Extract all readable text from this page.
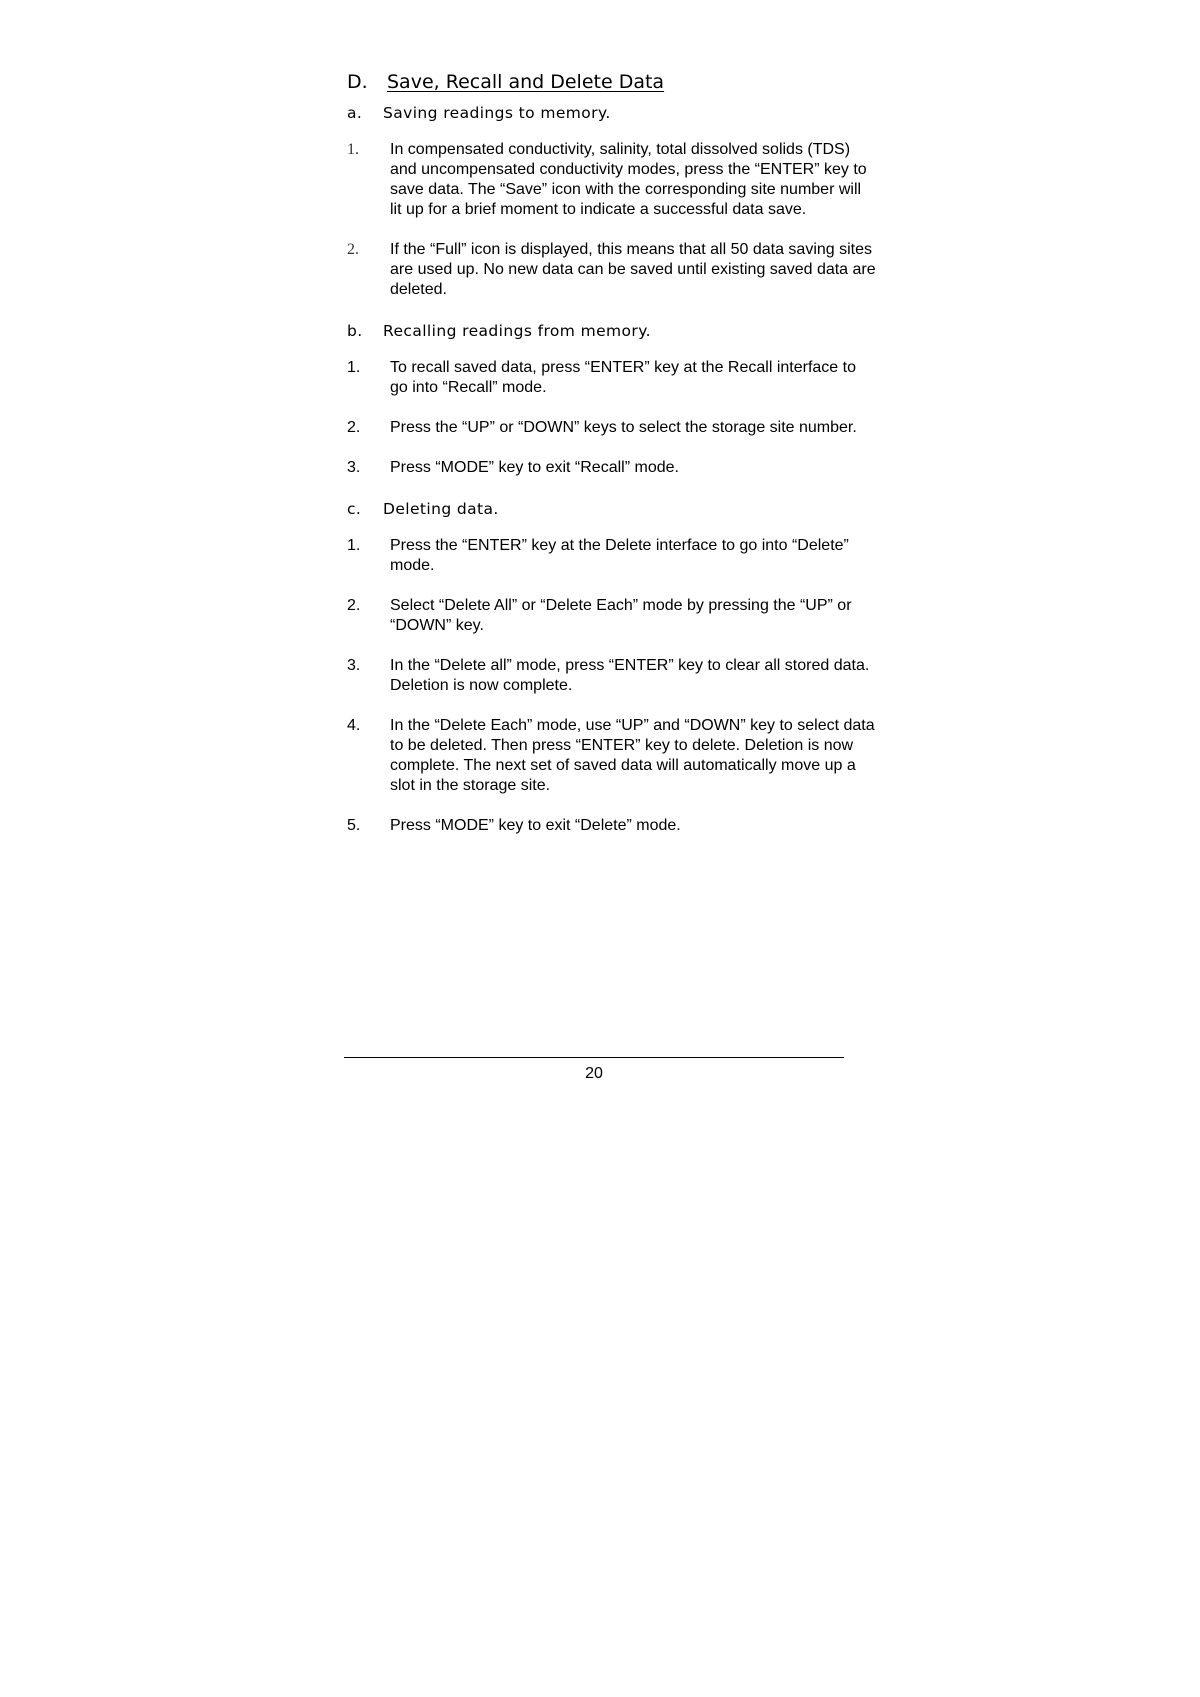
D.	Save, Recall and Delete Data
a.	Saving readings to memory.
1.	In compensated conductivity, salinity, total dissolved solids (TDS) and uncompensated conductivity modes, press the “ENTER” key to save data. The “Save” icon with the corresponding site number will lit up for a brief moment to indicate a successful data save.
2.	If the “Full” icon is displayed, this means that all 50 data saving sites are used up. No new data can be saved until existing saved data are deleted.
b.	Recalling readings from memory.
1.	To recall saved data, press “ENTER” key at the Recall interface to go into “Recall” mode.
2.	Press the “UP” or “DOWN” keys to select the storage site number.
3.	Press “MODE” key to exit “Recall” mode.
c.	Deleting data.
1.	Press the “ENTER” key at the Delete interface to go into “Delete” mode.
2.	Select “Delete All” or “Delete Each” mode by pressing the “UP” or “DOWN” key.
3.	In the “Delete all” mode, press “ENTER” key to clear all stored data. Deletion is now complete.
4.	In the “Delete Each” mode, use “UP” and “DOWN” key to select data to be deleted. Then press “ENTER” key to delete. Deletion is now complete. The next set of saved data will automatically move up a slot in the storage site.
5.	Press “MODE” key to exit “Delete” mode.
20
